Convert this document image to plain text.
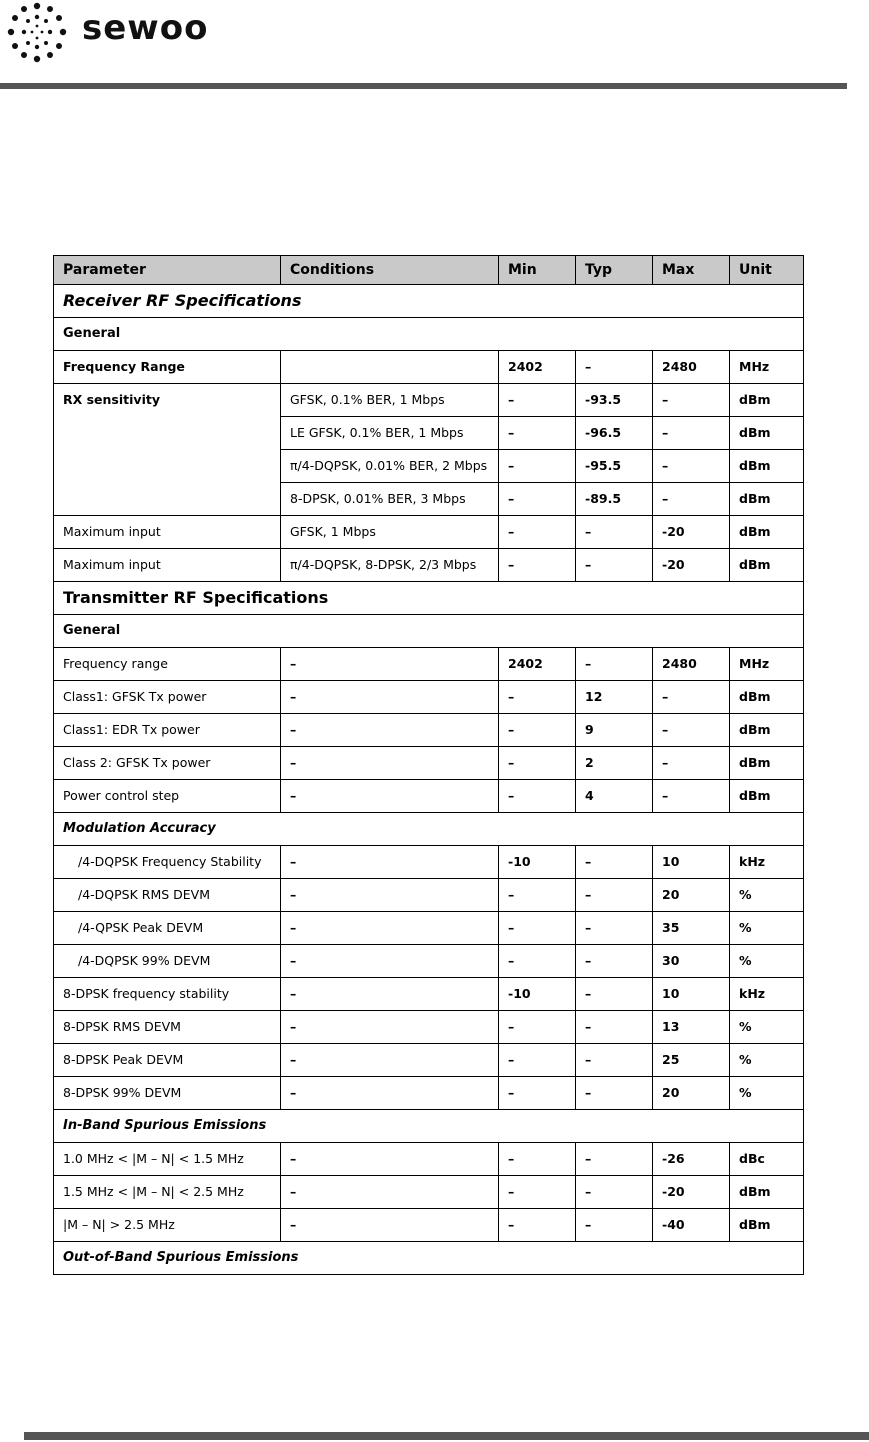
sewoo
Parameter	Conditions	Min	Typ	Max	Unit
Receiver RF Specifications					
General					
Frequency Range		2402	–	2480	MHz
RX sensitivity	GFSK, 0.1% BER, 1 Mbps	–	-93.5	–	dBm
	LE GFSK, 0.1% BER, 1 Mbps	–	-96.5	–	dBm
	π/4-DQPSK, 0.01% BER, 2 Mbps	–	-95.5	–	dBm
	8-DPSK, 0.01% BER, 3 Mbps	–	-89.5	–	dBm
Maximum input	GFSK, 1 Mbps	–	–	-20	dBm
Maximum input	π/4-DQPSK, 8-DPSK, 2/3 Mbps	–	–	-20	dBm
Transmitter RF Specifications					
General					
Frequency range	–	2402	–	2480	MHz
Class1: GFSK Tx power	–	–	12	–	dBm
Class1: EDR Tx power	–	–	9	–	dBm
Class 2: GFSK Tx power	–	–	2	–	dBm
Power control step	–	–	4	–	dBm
Modulation Accuracy					
/4-DQPSK Frequency Stability	–	-10	–	10	kHz
/4-DQPSK RMS DEVM	–	–	–	20	%
/4-QPSK Peak DEVM	–	–	–	35	%
/4-DQPSK 99% DEVM	–	–	–	30	%
8-DPSK frequency stability	–	-10	–	10	kHz
8-DPSK RMS DEVM	–	–	–	13	%
8-DPSK Peak DEVM	–	–	–	25	%
8-DPSK 99% DEVM	–	–	–	20	%
In-Band Spurious Emissions					
1.0 MHz < |M – N| < 1.5 MHz	–	–	–	-26	dBc
1.5 MHz < |M – N| < 2.5 MHz	–	–	–	-20	dBm
|M – N| > 2.5 MHz	–	–	–	-40	dBm
Out-of-Band Spurious Emissions					
